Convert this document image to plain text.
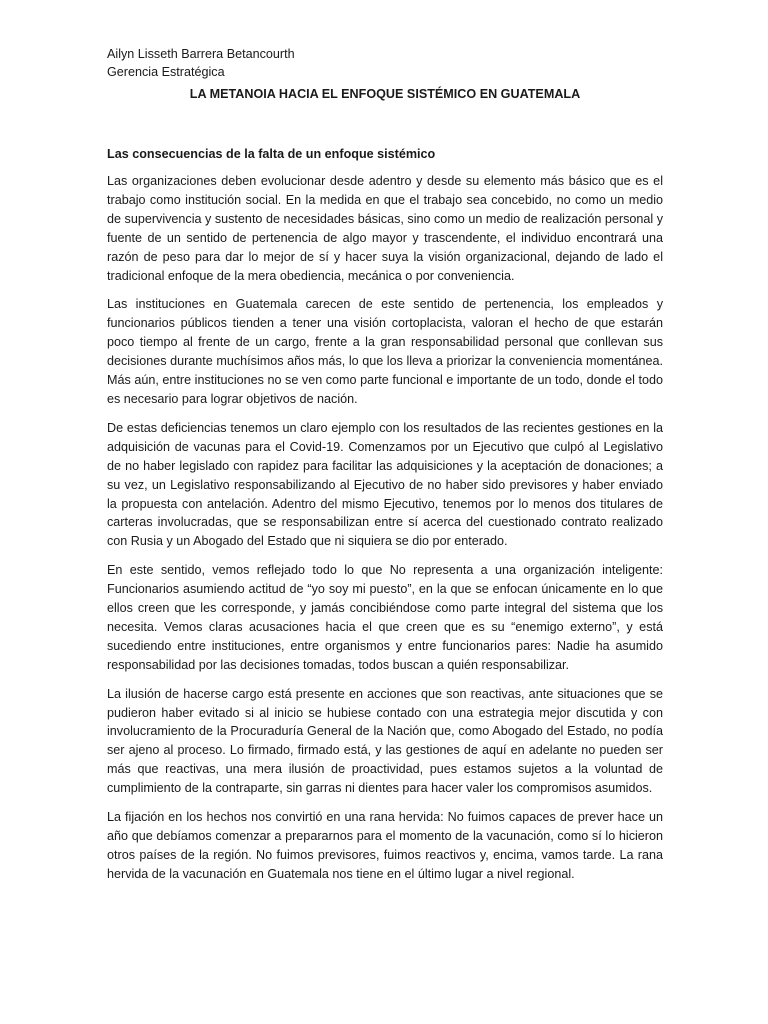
Ailyn Lisseth Barrera Betancourth

Gerencia Estratégica

LA METANOIA HACIA EL ENFOQUE SISTÉMICO EN GUATEMALA

Las consecuencias de la falta de un enfoque sistémico

Las organizaciones deben evolucionar desde adentro y desde su elemento más básico que es el trabajo como institución social. En la medida en que el trabajo sea concebido, no como un medio de supervivencia y sustento de necesidades básicas, sino como un medio de realización personal y fuente de un sentido de pertenencia de algo mayor y trascendente, el individuo encontrará una razón de peso para dar lo mejor de sí y hacer suya la visión organizacional, dejando de lado el tradicional enfoque de la mera obediencia, mecánica o por conveniencia.

Las instituciones en Guatemala carecen de este sentido de pertenencia, los empleados y funcionarios públicos tienden a tener una visión cortoplacista, valoran el hecho de que estarán poco tiempo al frente de un cargo, frente a la gran responsabilidad personal que conllevan sus decisiones durante muchísimos años más, lo que los lleva a priorizar la conveniencia momentánea. Más aún, entre instituciones no se ven como parte funcional e importante de un todo, donde el todo es necesario para lograr objetivos de nación.

De estas deficiencias tenemos un claro ejemplo con los resultados de las recientes gestiones en la adquisición de vacunas para el Covid-19. Comenzamos por un Ejecutivo que culpó al Legislativo de no haber legislado con rapidez para facilitar las adquisiciones y la aceptación de donaciones; a su vez, un Legislativo responsabilizando al Ejecutivo de no haber sido previsores y haber enviado la propuesta con antelación. Adentro del mismo Ejecutivo, tenemos por lo menos dos titulares de carteras involucradas, que se responsabilizan entre sí acerca del cuestionado contrato realizado con Rusia y un Abogado del Estado que ni siquiera se dio por enterado.

En este sentido, vemos reflejado todo lo que No representa a una organización inteligente: Funcionarios asumiendo actitud de “yo soy mi puesto”, en la que se enfocan únicamente en lo que ellos creen que les corresponde, y jamás concibiéndose como parte integral del sistema que los necesita. Vemos claras acusaciones hacia el que creen que es su “enemigo externo”, y está sucediendo entre instituciones, entre organismos y entre funcionarios pares: Nadie ha asumido responsabilidad por las decisiones tomadas, todos buscan a quién responsabilizar.

La ilusión de hacerse cargo está presente en acciones que son reactivas, ante situaciones que se pudieron haber evitado si al inicio se hubiese contado con una estrategia mejor discutida y con involucramiento de la Procuraduría General de la Nación que, como Abogado del Estado, no podía ser ajeno al proceso. Lo firmado, firmado está, y las gestiones de aquí en adelante no pueden ser más que reactivas, una mera ilusión de proactividad, pues estamos sujetos a la voluntad de cumplimiento de la contraparte, sin garras ni dientes para hacer valer los compromisos asumidos.

La fijación en los hechos nos convirtió en una rana hervida: No fuimos capaces de prever hace un año que debíamos comenzar a prepararnos para el momento de la vacunación, como sí lo hicieron otros países de la región. No fuimos previsores, fuimos reactivos y, encima, vamos tarde. La rana hervida de la vacunación en Guatemala nos tiene en el último lugar a nivel regional.
